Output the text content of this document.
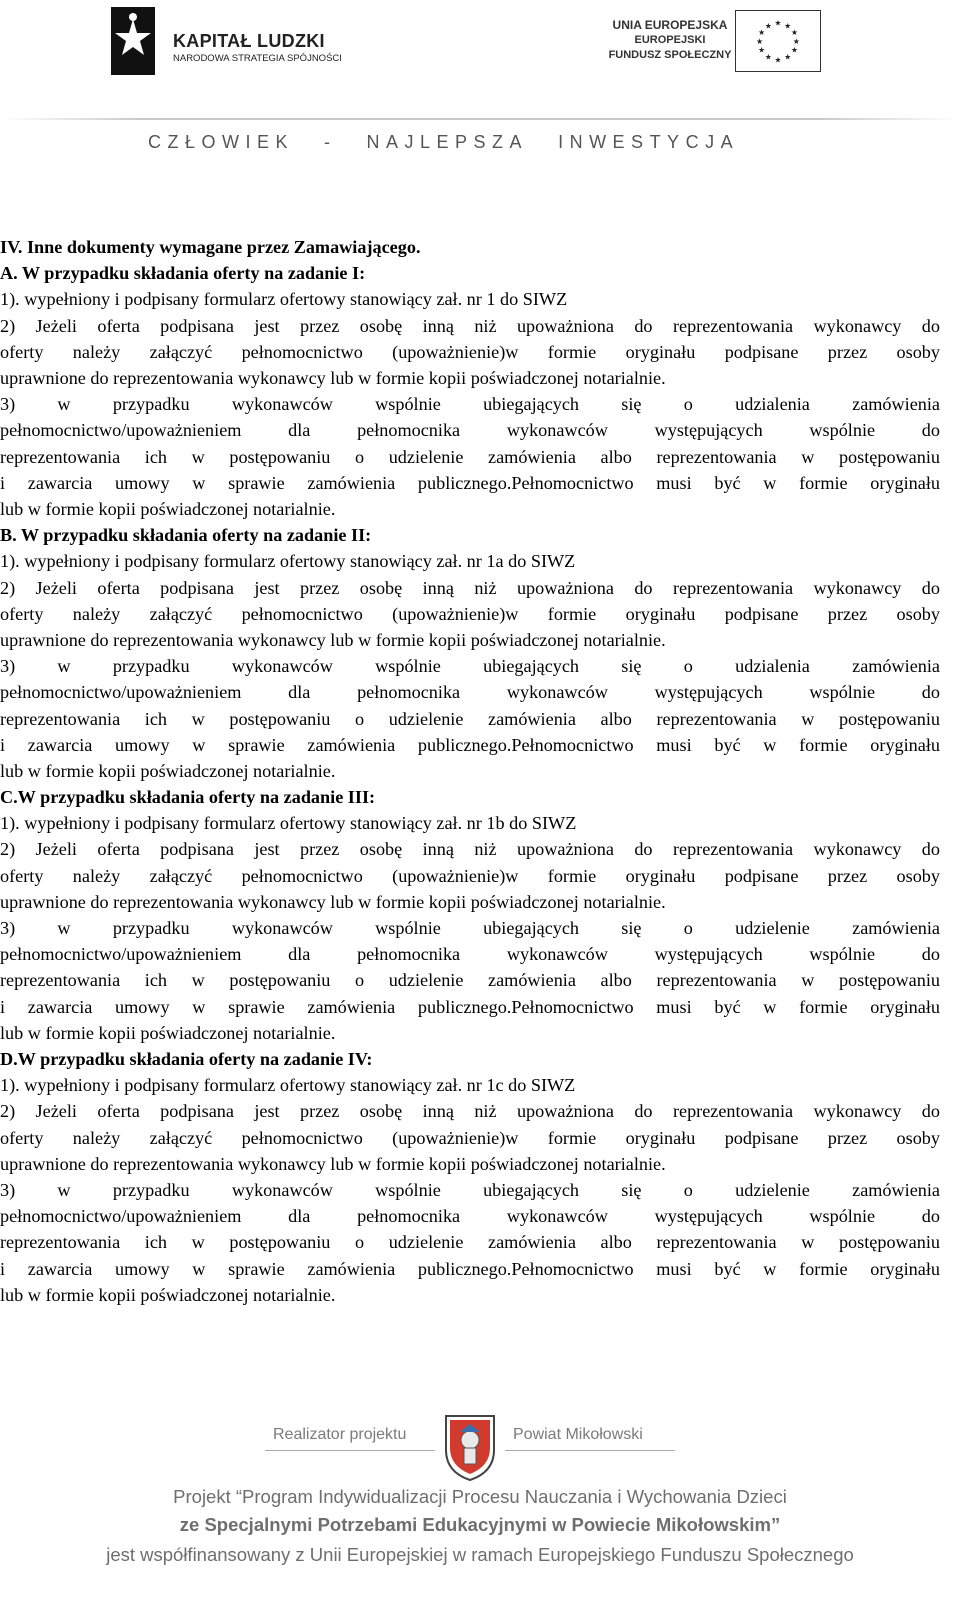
KAPITAŁ LUDZKI
NARODOWA STRATEGIA SPÓJNOŚCI
UNIA EUROPEJSKA
EUROPEJSKI
FUNDUSZ SPOŁECZNY
★ ★
★
★
★
★
★
★
★
★
★
★
CZŁOWIEK - NAJLEPSZA INWESTYCJA
IV. Inne dokumenty wymagane przez Zamawiającego.
A. W przypadku składania oferty na zadanie I:
1). wypełniony i podpisany formularz ofertowy stanowiący zał. nr 1 do SIWZ
2) Jeżeli oferta podpisana jest przez osobę inną niż upoważniona do reprezentowania wykonawcy do
oferty należy załączyć pełnomocnictwo (upoważnienie)w formie oryginału podpisane przez osoby
uprawnione do reprezentowania wykonawcy lub w formie kopii poświadczonej notarialnie.
3) w przypadku wykonawców wspólnie ubiegających się o udzialenia zamówienia
pełnomocnictwo/upoważnieniem dla pełnomocnika wykonawców występujących wspólnie do
reprezentowania ich w postępowaniu o udzielenie zamówienia albo reprezentowania w postępowaniu
i zawarcia umowy w sprawie zamówienia publicznego.Pełnomocnictwo musi być w formie oryginału
lub w formie kopii poświadczonej notarialnie.
B. W przypadku składania oferty na zadanie II:
1). wypełniony i podpisany formularz ofertowy stanowiący zał. nr 1a do SIWZ
2) Jeżeli oferta podpisana jest przez osobę inną niż upoważniona do reprezentowania wykonawcy do
oferty należy załączyć pełnomocnictwo (upoważnienie)w formie oryginału podpisane przez osoby
uprawnione do reprezentowania wykonawcy lub w formie kopii poświadczonej notarialnie.
3) w przypadku wykonawców wspólnie ubiegających się o udzialenia zamówienia
pełnomocnictwo/upoważnieniem dla pełnomocnika wykonawców występujących wspólnie do
reprezentowania ich w postępowaniu o udzielenie zamówienia albo reprezentowania w postępowaniu
i zawarcia umowy w sprawie zamówienia publicznego.Pełnomocnictwo musi być w formie oryginału
lub w formie kopii poświadczonej notarialnie.
C.W przypadku składania oferty na zadanie III:
1). wypełniony i podpisany formularz ofertowy stanowiący zał. nr 1b do SIWZ
2) Jeżeli oferta podpisana jest przez osobę inną niż upoważniona do reprezentowania wykonawcy do
oferty należy załączyć pełnomocnictwo (upoważnienie)w formie oryginału podpisane przez osoby
uprawnione do reprezentowania wykonawcy lub w formie kopii poświadczonej notarialnie.
3) w przypadku wykonawców wspólnie ubiegających się o udzielenie zamówienia
pełnomocnictwo/upoważnieniem dla pełnomocnika wykonawców występujących wspólnie do
reprezentowania ich w postępowaniu o udzielenie zamówienia albo reprezentowania w postępowaniu
i zawarcia umowy w sprawie zamówienia publicznego.Pełnomocnictwo musi być w formie oryginału
lub w formie kopii poświadczonej notarialnie.
D.W przypadku składania oferty na zadanie IV:
1). wypełniony i podpisany formularz ofertowy stanowiący zał. nr 1c do SIWZ
2) Jeżeli oferta podpisana jest przez osobę inną niż upoważniona do reprezentowania wykonawcy do
oferty należy załączyć pełnomocnictwo (upoważnienie)w formie oryginału podpisane przez osoby
uprawnione do reprezentowania wykonawcy lub w formie kopii poświadczonej notarialnie.
3) w przypadku wykonawców wspólnie ubiegających się o udzielenie zamówienia
pełnomocnictwo/upoważnieniem dla pełnomocnika wykonawców występujących wspólnie do
reprezentowania ich w postępowaniu o udzielenie zamówienia albo reprezentowania w postępowaniu
i zawarcia umowy w sprawie zamówienia publicznego.Pełnomocnictwo musi być w formie oryginału
lub w formie kopii poświadczonej notarialnie.
Realizator projektu	Powiat Mikołowski
Projekt “Program Indywidualizacji Procesu Nauczania i Wychowania Dzieci
ze Specjalnymi Potrzebami Edukacyjnymi w Powiecie Mikołowskim”
jest współfinansowany z Unii Europejskiej w ramach Europejskiego Funduszu Społecznego
